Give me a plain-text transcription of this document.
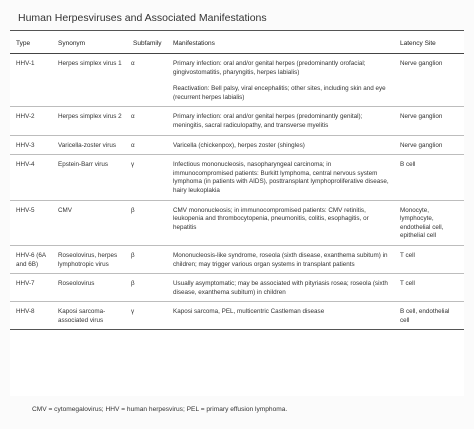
Human Herpesviruses and Associated Manifestations
Type	Synonym	Subfamily	Manifestations	Latency Site
HHV-1	Herpes simplex virus 1	α	Primary infection: oral and/or genital herpes (predominantly orofacial; gingivostomatitis, pharyngitis, herpes labialis)
Reactivation: Bell palsy, viral encephalitis; other sites, including skin and eye (recurrent herpes labialis)	Nerve ganglion
HHV-2	Herpes simplex virus 2	α	Primary infection: oral and/or genital herpes (predominantly genital); meningitis, sacral radiculopathy, and transverse myelitis	Nerve ganglion
HHV-3	Varicella-zoster virus	α	Varicella (chickenpox), herpes zoster (shingles)	Nerve ganglion
HHV-4	Epstein-Barr virus	γ	Infectious mononucleosis, nasopharyngeal carcinoma; in immunocompromised patients: Burkitt lymphoma, central nervous system lymphoma (in patients with AIDS), posttransplant lymphoproliferative disease, hairy leukoplakia	B cell
HHV-5	CMV	β	CMV mononucleosis; in immunocompromised patients: CMV retinitis, leukopenia and thrombocytopenia, pneumonitis, colitis, esophagitis, or hepatitis	Monocyte, lymphocyte, endothelial cell, epithelial cell
HHV-6 (6A and 6B)	Roseolovirus, herpes lymphotropic virus	β	Mononucleosis-like syndrome, roseola (sixth disease, exanthema subitum) in children; may trigger various organ systems in transplant patients	T cell
HHV-7	Roseolovirus	β	Usually asymptomatic; may be associated with pityriasis rosea; roseola (sixth disease, exanthema subitum) in children	T cell
HHV-8	Kaposi sarcoma-associated virus	γ	Kaposi sarcoma, PEL, multicentric Castleman disease	B cell, endothelial cell
CMV = cytomegalovirus; HHV = human herpesvirus; PEL = primary effusion lymphoma.
